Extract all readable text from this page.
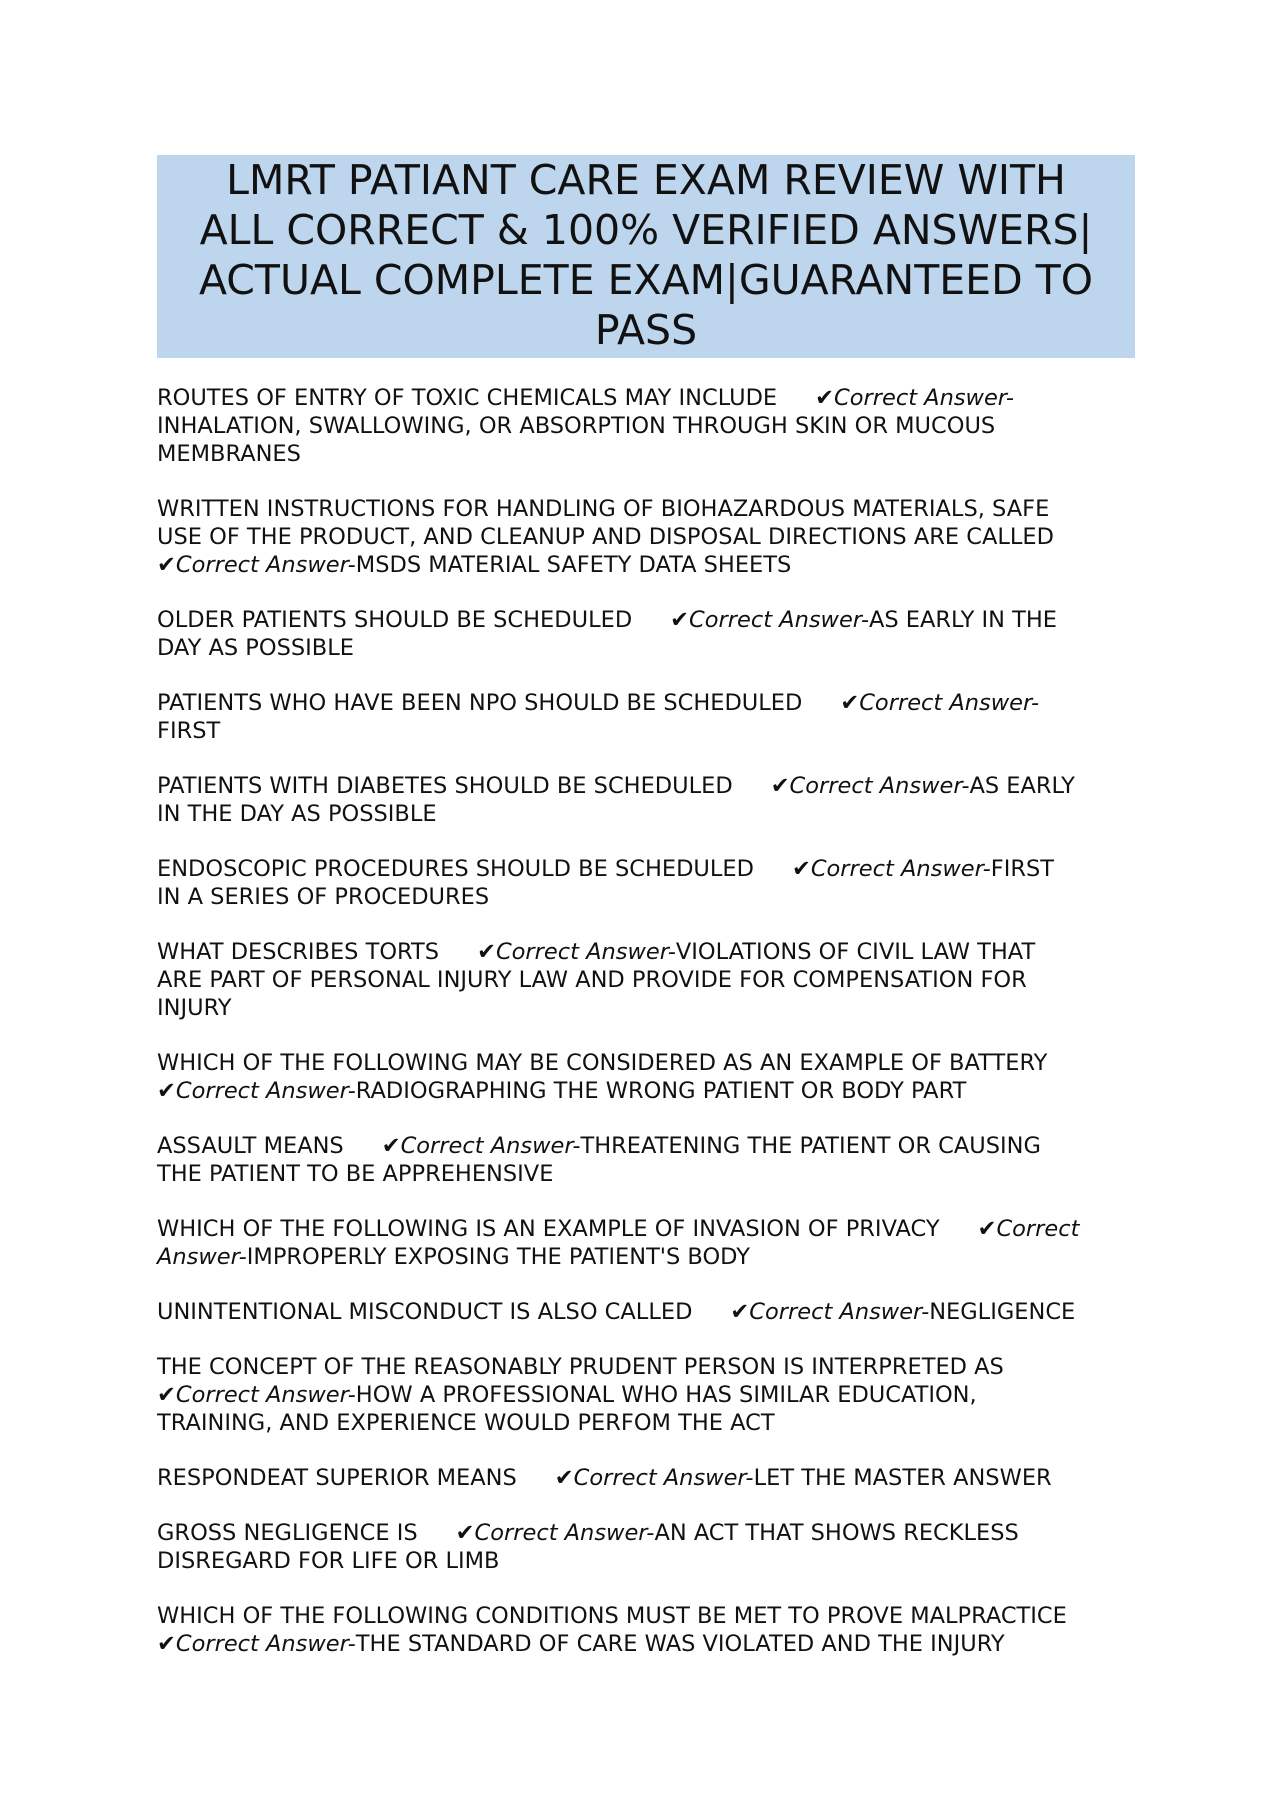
LMRT PATIANT CARE EXAM REVIEW WITH
ALL CORRECT & 100% VERIFIED ANSWERS|
ACTUAL COMPLETE EXAM|GUARANTEED TO
PASS
ROUTES OF ENTRY OF TOXIC CHEMICALS MAY INCLUDE ✔Correct Answer-
INHALATION, SWALLOWING, OR ABSORPTION THROUGH SKIN OR MUCOUS
MEMBRANES
WRITTEN INSTRUCTIONS FOR HANDLING OF BIOHAZARDOUS MATERIALS, SAFE
USE OF THE PRODUCT, AND CLEANUP AND DISPOSAL DIRECTIONS ARE CALLED
✔Correct Answer-MSDS MATERIAL SAFETY DATA SHEETS
OLDER PATIENTS SHOULD BE SCHEDULED ✔Correct Answer-AS EARLY IN THE
DAY AS POSSIBLE
PATIENTS WHO HAVE BEEN NPO SHOULD BE SCHEDULED ✔Correct Answer-
FIRST
PATIENTS WITH DIABETES SHOULD BE SCHEDULED ✔Correct Answer-AS EARLY
IN THE DAY AS POSSIBLE
ENDOSCOPIC PROCEDURES SHOULD BE SCHEDULED ✔Correct Answer-FIRST
IN A SERIES OF PROCEDURES
WHAT DESCRIBES TORTS ✔Correct Answer-VIOLATIONS OF CIVIL LAW THAT
ARE PART OF PERSONAL INJURY LAW AND PROVIDE FOR COMPENSATION FOR
INJURY
WHICH OF THE FOLLOWING MAY BE CONSIDERED AS AN EXAMPLE OF BATTERY
✔Correct Answer-RADIOGRAPHING THE WRONG PATIENT OR BODY PART
ASSAULT MEANS ✔Correct Answer-THREATENING THE PATIENT OR CAUSING
THE PATIENT TO BE APPREHENSIVE
WHICH OF THE FOLLOWING IS AN EXAMPLE OF INVASION OF PRIVACY ✔Correct
Answer-IMPROPERLY EXPOSING THE PATIENT'S BODY
UNINTENTIONAL MISCONDUCT IS ALSO CALLED ✔Correct Answer-NEGLIGENCE
THE CONCEPT OF THE REASONABLY PRUDENT PERSON IS INTERPRETED AS
✔Correct Answer-HOW A PROFESSIONAL WHO HAS SIMILAR EDUCATION,
TRAINING, AND EXPERIENCE WOULD PERFOM THE ACT
RESPONDEAT SUPERIOR MEANS ✔Correct Answer-LET THE MASTER ANSWER
GROSS NEGLIGENCE IS ✔Correct Answer-AN ACT THAT SHOWS RECKLESS
DISREGARD FOR LIFE OR LIMB
WHICH OF THE FOLLOWING CONDITIONS MUST BE MET TO PROVE MALPRACTICE
✔Correct Answer-THE STANDARD OF CARE WAS VIOLATED AND THE INJURY
